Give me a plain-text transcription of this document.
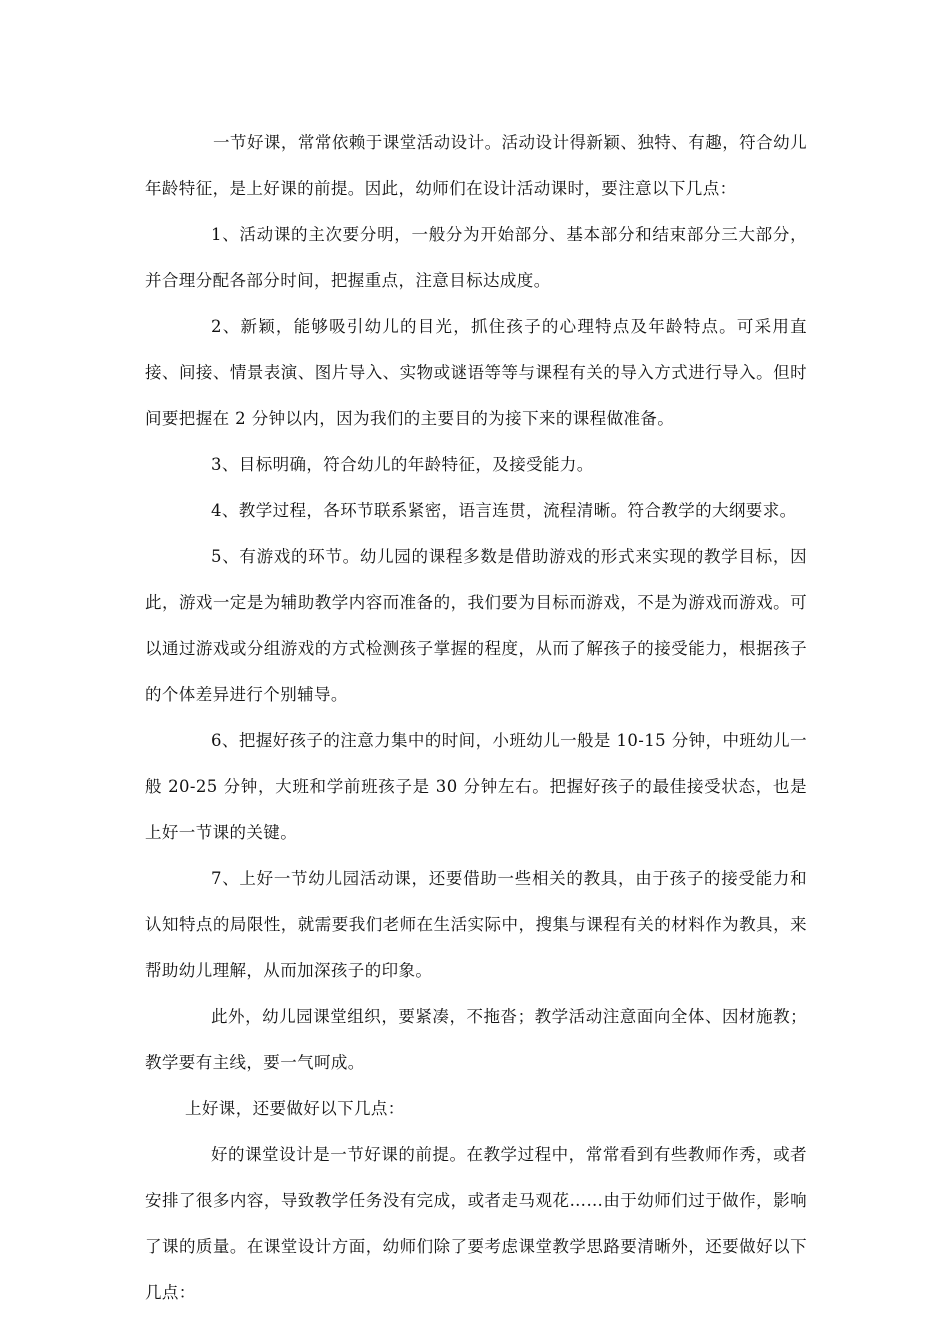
一节好课，常常依赖于课堂活动设计。活动设计得新颖、独特、有趣，符合幼儿年龄特征，是上好课的前提。因此，幼师们在设计活动课时，要注意以下几点：

1、活动课的主次要分明，一般分为开始部分、基本部分和结束部分三大部分，并合理分配各部分时间，把握重点，注意目标达成度。

2、新颖，能够吸引幼儿的目光，抓住孩子的心理特点及年龄特点。可采用直接、间接、情景表演、图片导入、实物或谜语等等与课程有关的导入方式进行导入。但时间要把握在 2 分钟以内，因为我们的主要目的为接下来的课程做准备。

3、目标明确，符合幼儿的年龄特征，及接受能力。

4、教学过程，各环节联系紧密，语言连贯，流程清晰。符合教学的大纲要求。

5、有游戏的环节。幼儿园的课程多数是借助游戏的形式来实现的教学目标，因此，游戏一定是为辅助教学内容而准备的，我们要为目标而游戏，不是为游戏而游戏。可以通过游戏或分组游戏的方式检测孩子掌握的程度，从而了解孩子的接受能力，根据孩子的个体差异进行个别辅导。

6、把握好孩子的注意力集中的时间，小班幼儿一般是 10-15 分钟，中班幼儿一般 20-25 分钟，大班和学前班孩子是 30 分钟左右。把握好孩子的最佳接受状态，也是上好一节课的关键。

7、上好一节幼儿园活动课，还要借助一些相关的教具，由于孩子的接受能力和认知特点的局限性，就需要我们老师在生活实际中，搜集与课程有关的材料作为教具，来帮助幼儿理解，从而加深孩子的印象。

此外，幼儿园课堂组织，要紧凑，不拖沓；教学活动注意面向全体、因材施教；教学要有主线，要一气呵成。

上好课，还要做好以下几点：

好的课堂设计是一节好课的前提。在教学过程中，常常看到有些教师作秀，或者安排了很多内容，导致教学任务没有完成，或者走马观花……由于幼师们过于做作，影响了课的质量。在课堂设计方面，幼师们除了要考虑课堂教学思路要清晰外，还要做好以下几点：
